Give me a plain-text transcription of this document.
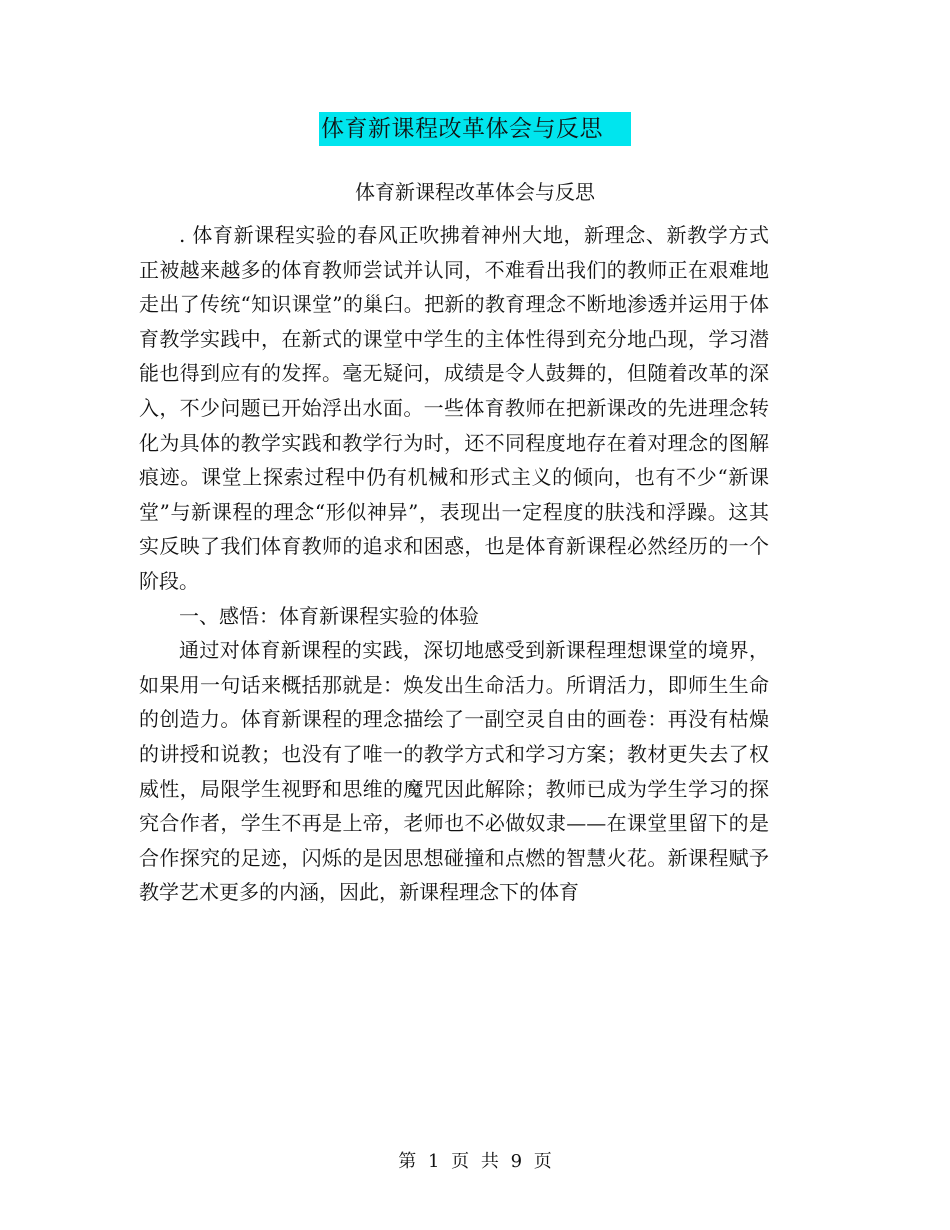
体育新课程改革体会与反思
体育新课程改革体会与反思

. 体育新课程实验的春风正吹拂着神州大地，新理念、新教学方式正被越来越多的体育教师尝试并认同，不难看出我们的教师正在艰难地走出了传统“知识课堂”的巢臼。把新的教育理念不断地渗透并运用于体育教学实践中，在新式的课堂中学生的主体性得到充分地凸现，学习潜能也得到应有的发挥。毫无疑问，成绩是令人鼓舞的，但随着改革的深入，不少问题已开始浮出水面。一些体育教师在把新课改的先进理念转化为具体的教学实践和教学行为时，还不同程度地存在着对理念的图解痕迹。课堂上探索过程中仍有机械和形式主义的倾向，也有不少“新课堂”与新课程的理念“形似神异”，表现出一定程度的肤浅和浮躁。这其实反映了我们体育教师的追求和困惑，也是体育新课程必然经历的一个阶段。

一、感悟：体育新课程实验的体验

通过对体育新课程的实践，深切地感受到新课程理想课堂的境界，如果用一句话来概括那就是：焕发出生命活力。所谓活力，即师生生命的创造力。体育新课程的理念描绘了一副空灵自由的画卷：再没有枯燥的讲授和说教；也没有了唯一的教学方式和学习方案；教材更失去了权威性，局限学生视野和思维的魔咒因此解除；教师已成为学生学习的探究合作者，学生不再是上帝，老师也不必做奴隶——在课堂里留下的是合作探究的足迹，闪烁的是因思想碰撞和点燃的智慧火花。新课程赋予教学艺术更多的内涵，因此，新课程理念下的体育

第 1 页 共 9 页
